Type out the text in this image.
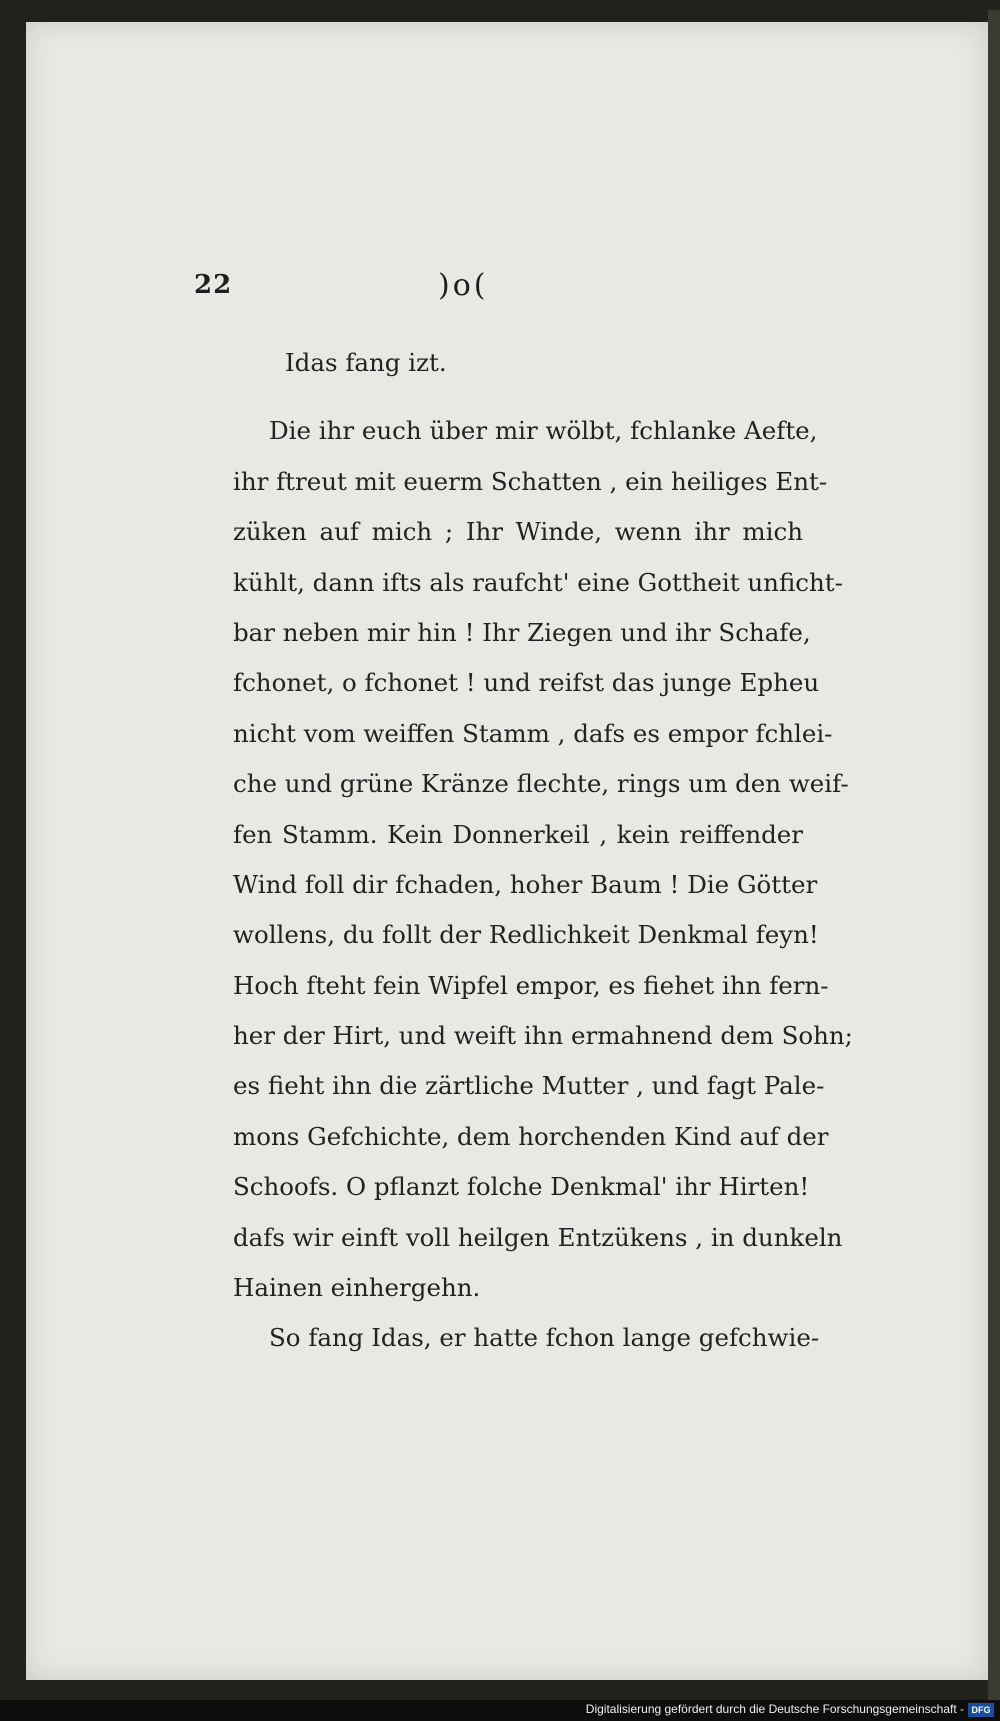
22	)o(
Idas fang izt.
Die ihr euch über mir wölbt, fchlanke Aefte,
ihr ftreut mit euerm Schatten , ein heiliges Ent-
züken auf mich ; Ihr Winde, wenn ihr mich
kühlt, dann ifts als raufcht' eine Gottheit unficht-
bar neben mir hin ! Ihr Ziegen und ihr Schafe,
fchonet, o fchonet ! und reifst das junge Epheu
nicht vom weiffen Stamm , dafs es empor fchlei-
che und grüne Kränze flechte, rings um den weif-
fen Stamm. Kein Donnerkeil , kein reiffender
Wind foll dir fchaden, hoher Baum ! Die Götter
wollens, du follt der Redlichkeit Denkmal feyn!
Hoch fteht fein Wipfel empor, es fiehet ihn fern-
her der Hirt, und weift ihn ermahnend dem Sohn;
es fieht ihn die zärtliche Mutter , und fagt Pale-
mons Gefchichte, dem horchenden Kind auf der
Schoofs. O pflanzt folche Denkmal' ihr Hirten!
dafs wir einft voll heilgen Entzükens , in dunkeln
Hainen einhergehn.
So fang Idas, er hatte fchon lange gefchwie-
Digitalisierung gefördert durch die Deutsche Forschungsgemeinschaft - DFG
